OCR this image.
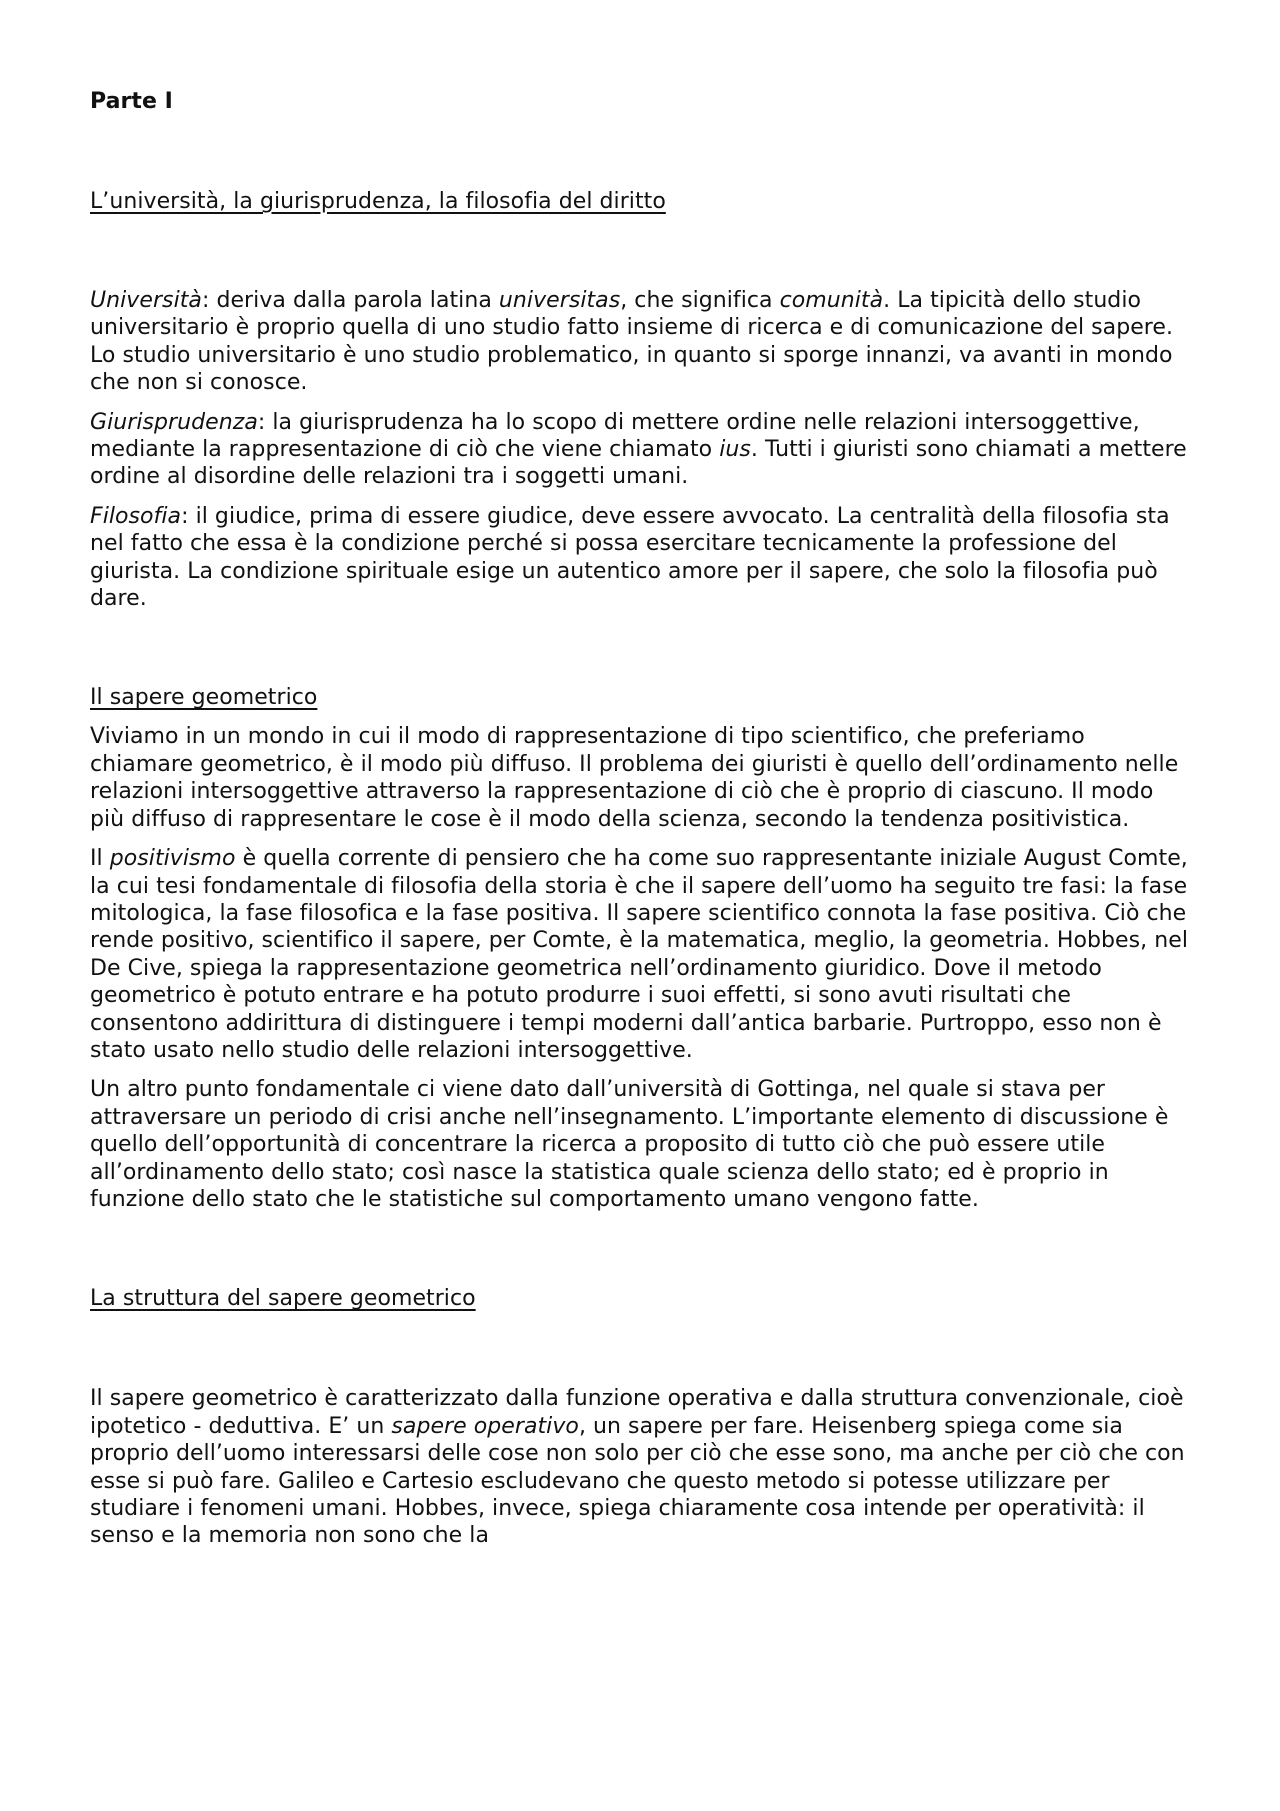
Parte I
L’università, la giurisprudenza, la filosofia del diritto

Università: deriva dalla parola latina universitas, che significa comunità. La tipicità dello studio universitario è proprio quella di uno studio fatto insieme di ricerca e di comunicazione del sapere. Lo studio universitario è uno studio problematico, in quanto si sporge innanzi, va avanti in mondo che non si conosce.

Giurisprudenza: la giurisprudenza ha lo scopo di mettere ordine nelle relazioni intersoggettive, mediante la rappresentazione di ciò che viene chiamato ius. Tutti i giuristi sono chiamati a mettere ordine al disordine delle relazioni tra i soggetti umani.

Filosofia: il giudice, prima di essere giudice, deve essere avvocato. La centralità della filosofia sta nel fatto che essa è la condizione perché si possa esercitare tecnicamente la professione del giurista. La condizione spirituale esige un autentico amore per il sapere, che solo la filosofia può dare.

Il sapere geometrico

Viviamo in un mondo in cui il modo di rappresentazione di tipo scientifico, che preferiamo chiamare geometrico, è il modo più diffuso. Il problema dei giuristi è quello dell’ordinamento nelle relazioni intersoggettive attraverso la rappresentazione di ciò che è proprio di ciascuno. Il modo più diffuso di rappresentare le cose è il modo della scienza, secondo la tendenza positivistica.

Il positivismo è quella corrente di pensiero che ha come suo rappresentante iniziale August Comte, la cui tesi fondamentale di filosofia della storia è che il sapere dell’uomo ha seguito tre fasi: la fase mitologica, la fase filosofica e la fase positiva. Il sapere scientifico connota la fase positiva. Ciò che rende positivo, scientifico il sapere, per Comte, è la matematica, meglio, la geometria. Hobbes, nel De Cive, spiega la rappresentazione geometrica nell’ordinamento giuridico. Dove il metodo geometrico è potuto entrare e ha potuto produrre i suoi effetti, si sono avuti risultati che consentono addirittura di distinguere i tempi moderni dall’antica barbarie. Purtroppo, esso non è stato usato nello studio delle relazioni intersoggettive.

Un altro punto fondamentale ci viene dato dall’università di Gottinga, nel quale si stava per attraversare un periodo di crisi anche nell’insegnamento. L’importante elemento di discussione è quello dell’opportunità di concentrare la ricerca a proposito di tutto ciò che può essere utile all’ordinamento dello stato; così nasce la statistica quale scienza dello stato; ed è proprio in funzione dello stato che le statistiche sul comportamento umano vengono fatte.

La struttura del sapere geometrico

Il sapere geometrico è caratterizzato dalla funzione operativa e dalla struttura convenzionale, cioè ipotetico - deduttiva. E’ un sapere operativo, un sapere per fare. Heisenberg spiega come sia proprio dell’uomo interessarsi delle cose non solo per ciò che esse sono, ma anche per ciò che con esse si può fare. Galileo e Cartesio escludevano che questo metodo si potesse utilizzare per studiare i fenomeni umani. Hobbes, invece, spiega chiaramente cosa intende per operatività: il senso e la memoria non sono che la
